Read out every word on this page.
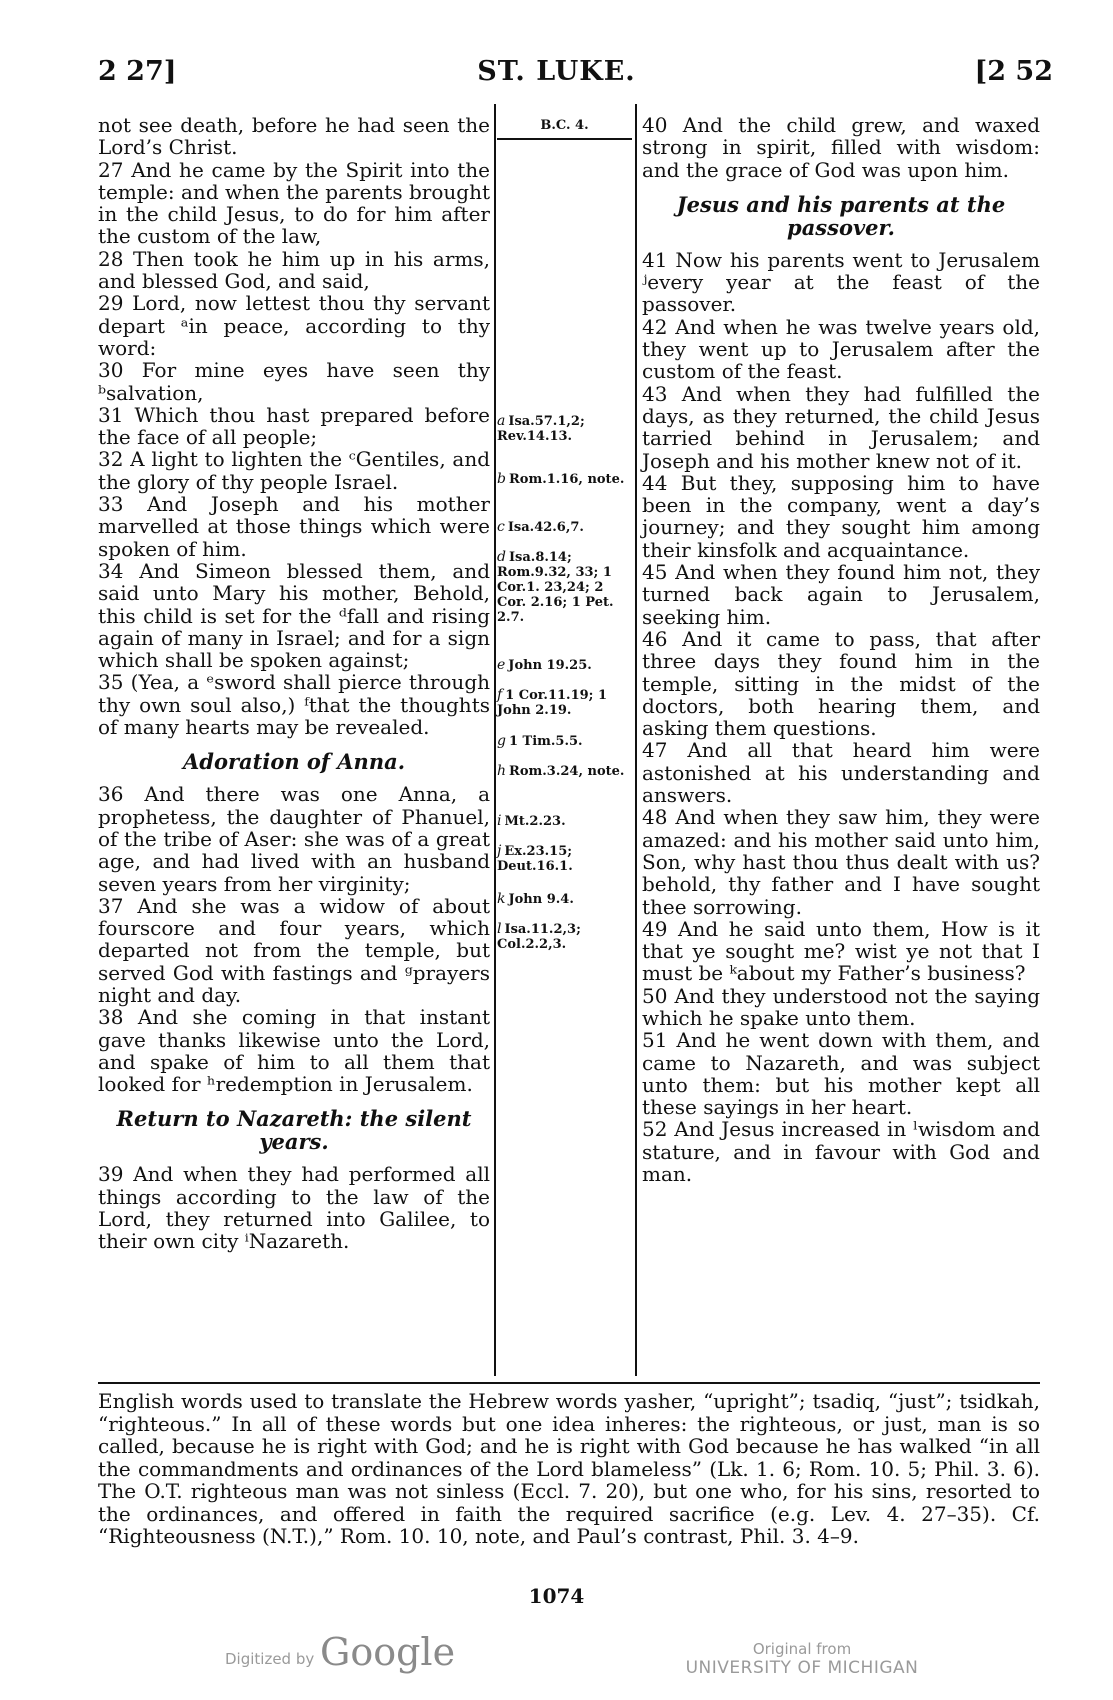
2 27]	ST. LUKE.	[2 52

not see death, before he had seen the Lord’s Christ.

27 And he came by the Spirit into the temple: and when the parents brought in the child Jesus, to do for him after the custom of the law,

28 Then took he him up in his arms, and blessed God, and said,

29 Lord, now lettest thou thy servant depart ᵃin peace, according to thy word:

30 For mine eyes have seen thy ᵇsalvation,

31 Which thou hast prepared before the face of all people;

32 A light to lighten the ᶜGentiles, and the glory of thy people Israel.

33 And Joseph and his mother marvelled at those things which were spoken of him.

34 And Simeon blessed them, and said unto Mary his mother, Behold, this child is set for the ᵈfall and rising again of many in Israel; and for a sign which shall be spoken against;

35 (Yea, a ᵉsword shall pierce through thy own soul also,) ᶠthat the thoughts of many hearts may be revealed.

Adoration of Anna.

36 And there was one Anna, a prophetess, the daughter of Phanuel, of the tribe of Aser: she was of a great age, and had lived with an husband seven years from her virginity;

37 And she was a widow of about fourscore and four years, which departed not from the temple, but served God with fastings and ᵍprayers night and day.

38 And she coming in that instant gave thanks likewise unto the Lord, and spake of him to all them that looked for ʰredemption in Jerusalem.

Return to Nazareth: the silent years.

39 And when they had performed all things according to the law of the Lord, they returned into Galilee, to their own city ⁱNazareth.

B.C. 4.
a Isa.57.1,2; Rev.14.13.
b Rom.1.16, note.
c Isa.42.6,7.
d Isa.8.14; Rom.9.32, 33; 1 Cor.1. 23,24; 2 Cor. 2.16; 1 Pet. 2.7.
e John 19.25.
f 1 Cor.11.19; 1 John 2.19.
g 1 Tim.5.5.
h Rom.3.24, note.
i Mt.2.23.
j Ex.23.15; Deut.16.1.
k John 9.4.
l Isa.11.2,3; Col.2.2,3.

40 And the child grew, and waxed strong in spirit, filled with wisdom: and the grace of God was upon him.

Jesus and his parents at the passover.

41 Now his parents went to Jerusalem ʲevery year at the feast of the passover.

42 And when he was twelve years old, they went up to Jerusalem after the custom of the feast.

43 And when they had fulfilled the days, as they returned, the child Jesus tarried behind in Jerusalem; and Joseph and his mother knew not of it.

44 But they, supposing him to have been in the company, went a day’s journey; and they sought him among their kinsfolk and acquaintance.

45 And when they found him not, they turned back again to Jerusalem, seeking him.

46 And it came to pass, that after three days they found him in the temple, sitting in the midst of the doctors, both hearing them, and asking them questions.

47 And all that heard him were astonished at his understanding and answers.

48 And when they saw him, they were amazed: and his mother said unto him, Son, why hast thou thus dealt with us? behold, thy father and I have sought thee sorrowing.

49 And he said unto them, How is it that ye sought me? wist ye not that I must be ᵏabout my Father’s business?

50 And they understood not the saying which he spake unto them.

51 And he went down with them, and came to Nazareth, and was subject unto them: but his mother kept all these sayings in her heart.

52 And Jesus increased in ˡwisdom and stature, and in favour with God and man.

English words used to translate the Hebrew words yasher, “upright”; tsadiq, “just”; tsidkah, “righteous.” In all of these words but one idea inheres: the righteous, or just, man is so called, because he is right with God; and he is right with God because he has walked “in all the commandments and ordinances of the Lord blameless” (Lk. 1. 6; Rom. 10. 5; Phil. 3. 6). The O.T. righteous man was not sinless (Eccl. 7. 20), but one who, for his sins, resorted to the ordinances, and offered in faith the required sacrifice (e.g. Lev. 4. 27–35). Cf. “Righteousness (N.T.),” Rom. 10. 10, note, and Paul’s contrast, Phil. 3. 4–9.
1074
Digitized by Google	Original from
UNIVERSITY OF MICHIGAN
